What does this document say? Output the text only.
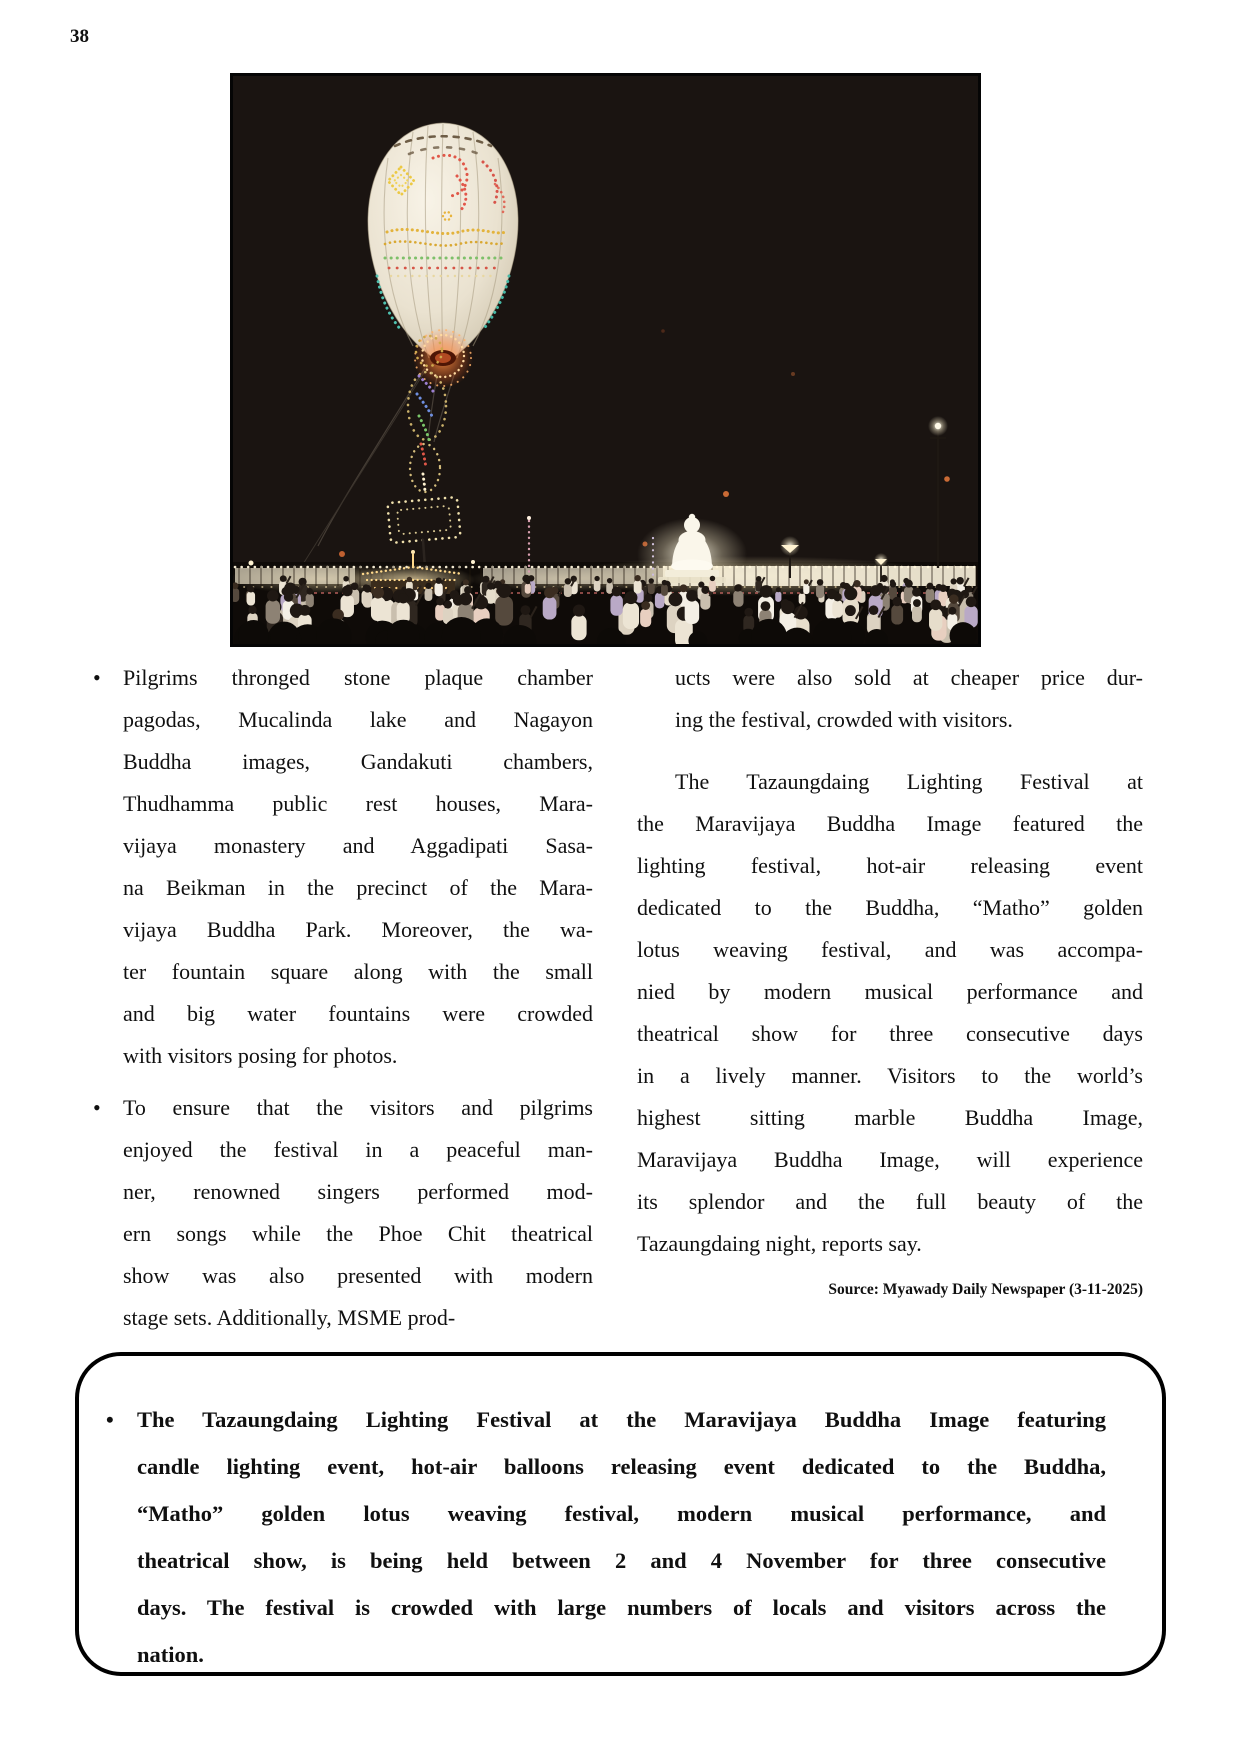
38
• Pilgrims thronged stone plaque chamber
pagodas, Mucalinda lake and Nagayon
Buddha images, Gandakuti chambers,
Thudhamma public rest houses, Mara-
vijaya monastery and Aggadipati Sasa-
na Beikman in the precinct of the Mara-
vijaya Buddha Park. Moreover, the wa-
ter fountain square along with the small
and big water fountains were crowded
with visitors posing for photos.
• To ensure that the visitors and pilgrims
enjoyed the festival in a peaceful man-
ner, renowned singers performed mod-
ern songs while the Phoe Chit theatrical
show was also presented with modern
stage sets. Additionally, MSME prod-
ucts were also sold at cheaper price dur-
ing the festival, crowded with visitors.
The Tazaungdaing Lighting Festival at
the Maravijaya Buddha Image featured the
lighting festival, hot-air releasing event
dedicated to the Buddha, “Matho” golden
lotus weaving festival, and was accompa-
nied by modern musical performance and
theatrical show for three consecutive days
in a lively manner. Visitors to the world’s
highest sitting marble Buddha Image,
Maravijaya Buddha Image, will experience
its splendor and the full beauty of the
Tazaungdaing night, reports say.
Source: Myawady Daily Newspaper (3-11-2025)
• The Tazaungdaing Lighting Festival at the Maravijaya Buddha Image featuring
candle lighting event, hot-air balloons releasing event dedicated to the Buddha,
“Matho” golden lotus weaving festival, modern musical performance, and
theatrical show, is being held between 2 and 4 November for three consecutive
days. The festival is crowded with large numbers of locals and visitors across the
nation.
